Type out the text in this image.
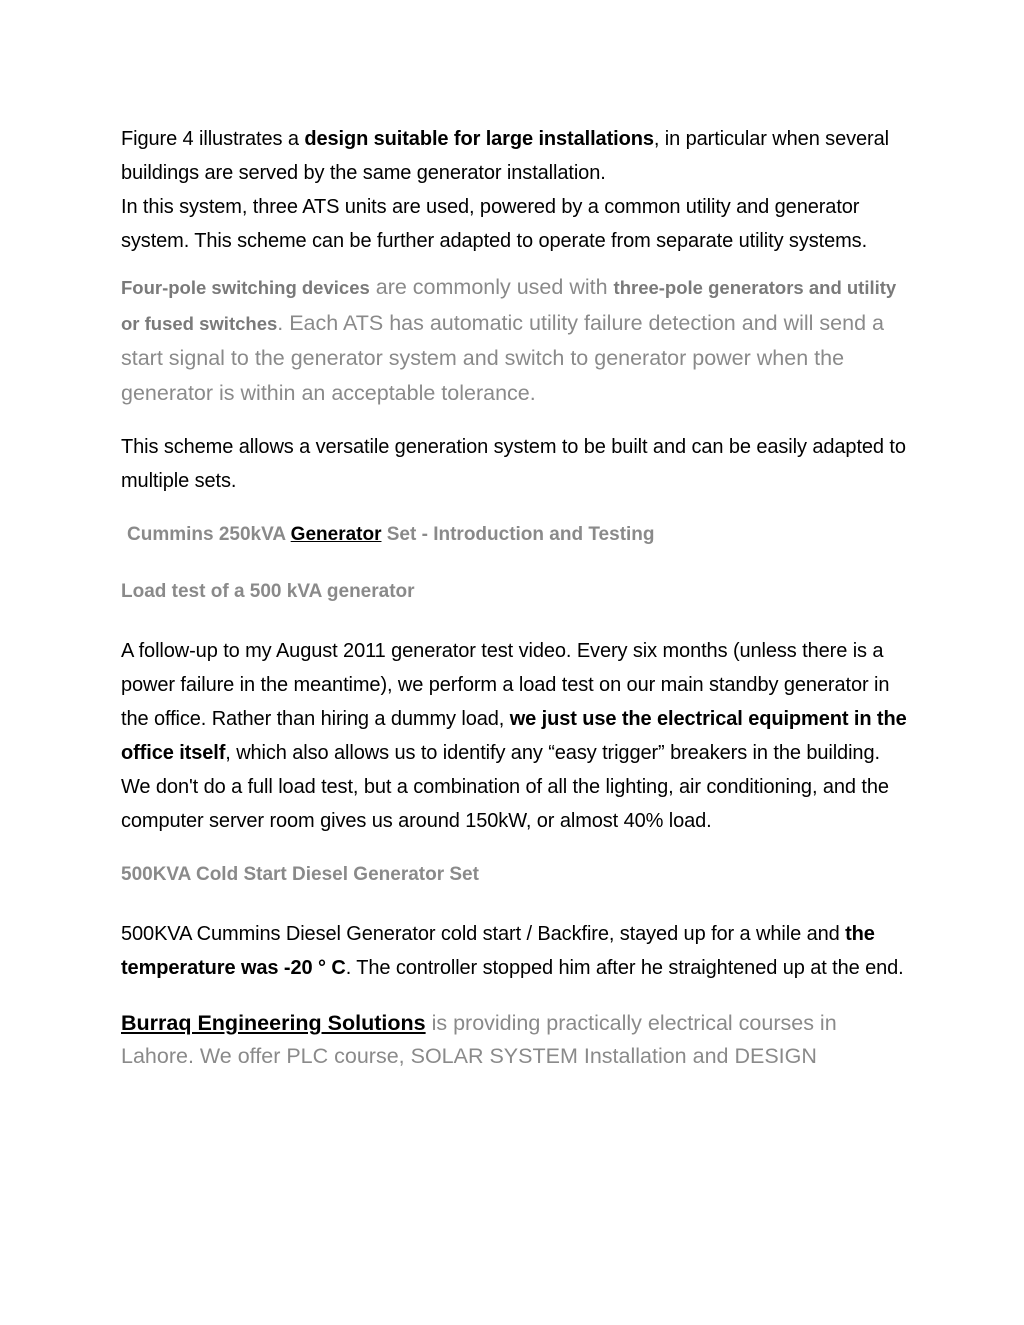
Figure 4 illustrates a design suitable for large installations, in particular when several buildings are served by the same generator installation.
In this system, three ATS units are used, powered by a common utility and generator system. This scheme can be further adapted to operate from separate utility systems.

Four-pole switching devices are commonly used with three-pole generators and utility or fused switches. Each ATS has automatic utility failure detection and will send a start signal to the generator system and switch to generator power when the generator is within an acceptable tolerance.

This scheme allows a versatile generation system to be built and can be easily adapted to multiple sets.

Cummins 250kVA Generator Set - Introduction and Testing

Load test of a 500 kVA generator

A follow-up to my August 2011 generator test video. Every six months (unless there is a power failure in the meantime), we perform a load test on our main standby generator in the office. Rather than hiring a dummy load, we just use the electrical equipment in the office itself, which also allows us to identify any “easy trigger” breakers in the building.
We don't do a full load test, but a combination of all the lighting, air conditioning, and the computer server room gives us around 150kW, or almost 40% load.

500KVA Cold Start Diesel Generator Set

500KVA Cummins Diesel Generator cold start / Backfire, stayed up for a while and the temperature was -20 ° C. The controller stopped him after he straightened up at the end.

Burraq Engineering Solutions is providing practically electrical courses in Lahore. We offer PLC course, SOLAR SYSTEM Installation and DESIGN
